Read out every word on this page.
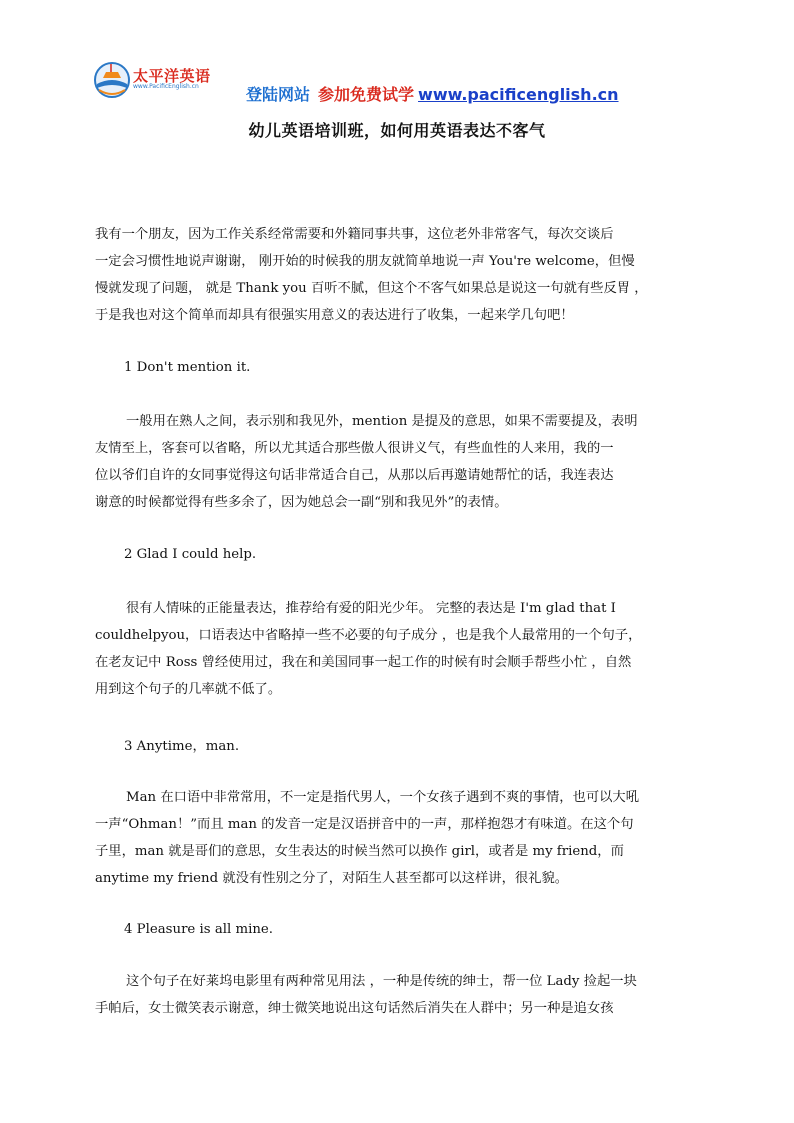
太平洋英语
www.PacificEnglish.cn	登陆网站 参加免费试学 www.pacificenglish.cn
幼儿英语培训班，如何用英语表达不客气
我有一个朋友，因为工作关系经常需要和外籍同事共事，这位老外非常客气，每次交谈后
一定会习惯性地说声谢谢， 刚开始的时候我的朋友就简单地说一声 You're welcome，但慢
慢就发现了问题， 就是 Thank you 百听不腻，但这个不客气如果总是说这一句就有些反胃 ，
于是我也对这个简单而却具有很强实用意义的表达进行了收集，一起来学几句吧！
1 Don't mention it.
一般用在熟人之间，表示别和我见外，mention 是提及的意思，如果不需要提及，表明
友情至上，客套可以省略，所以尤其适合那些傲人很讲义气，有些血性的人来用，我的一
位以爷们自许的女同事觉得这句话非常适合自己，从那以后再邀请她帮忙的话，我连表达
谢意的时候都觉得有些多余了，因为她总会一副“别和我见外”的表情。
2 Glad I could help.
很有人情味的正能量表达，推荐给有爱的阳光少年。 完整的表达是 I'm glad that I
couldhelpyou，口语表达中省略掉一些不必要的句子成分 ，也是我个人最常用的一个句子，
在老友记中 Ross 曾经使用过，我在和美国同事一起工作的时候有时会顺手帮些小忙 ，自然
用到这个句子的几率就不低了。
3 Anytime，man.
Man 在口语中非常常用，不一定是指代男人，一个女孩子遇到不爽的事情，也可以大吼
一声“Ohman！”而且 man 的发音一定是汉语拼音中的一声，那样抱怨才有味道。在这个句
子里，man 就是哥们的意思，女生表达的时候当然可以换作 girl，或者是 my friend，而
anytime my friend 就没有性别之分了，对陌生人甚至都可以这样讲，很礼貌。
4 Pleasure is all mine.
这个句子在好莱坞电影里有两种常见用法 ，一种是传统的绅士，帮一位 Lady 捡起一块
手帕后，女士微笑表示谢意，绅士微笑地说出这句话然后消失在人群中；另一种是追女孩
